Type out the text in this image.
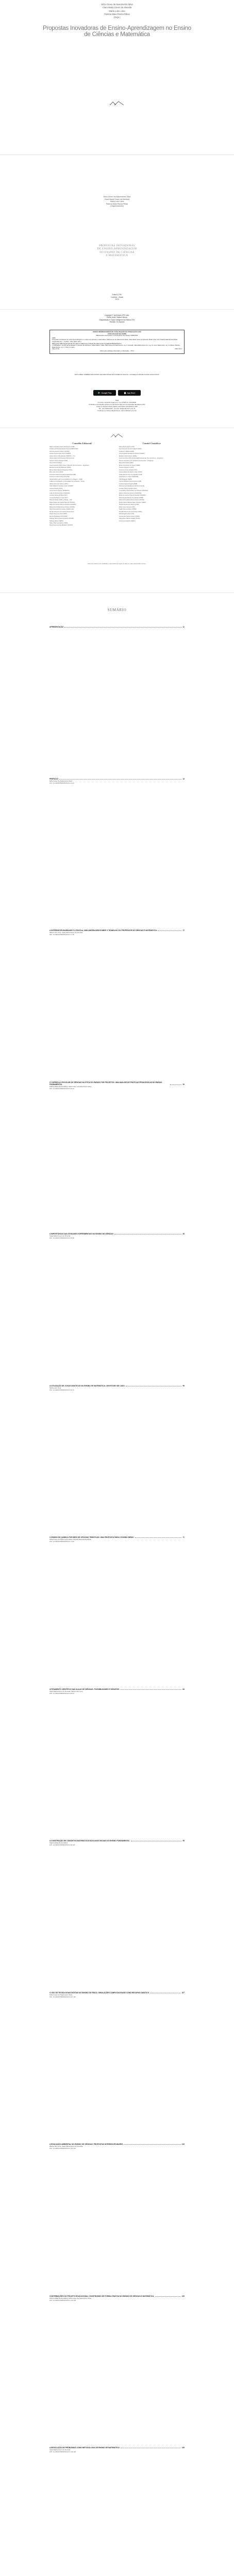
Nilza Green de Nascimento Silva
Clara Maria Green de Almeida
Marla Lobo Lima
Patricia Maia Rocha Ribas
(Orgs.)
Propostas Inovadoras de Ensino-Aprendizagem no Ensino de Ciências e Matemática
Nilza Green de Nascimento Silva
Clara Maria Green de Almeida
Marla Lobo Lima
Patricia Maia Rocha Ribas
(Organizadores)
PROPOSTAS INOVADORAS
DE ENSINO-APRENDIZAGEM
NO ENSINO DE CIÊNCIAS
E MATEMÁTICA
Editora CRV
Curitiba – Brasil
2024
Copyright © da Editora CRV Ltda.
Editor-chefe: Railson Moura
Diagramação e Capa: Designers da Editora CRV
Revisão: Os Autores
DADOS INTERNACIONAIS DE CATALOGAÇÃO NA PUBLICAÇÃO (CIP)
CATALOGAÇÃO NA FONTE
Bibliotecária responsável: Luzenira Alves dos Santos CRB9/1506
P965
Propostas inovadoras de ensino-aprendizagem no ensino de ciências e matemática / Nilza Green de Nascimento Silva, Clara Maria Green de Almeida, Marla Lobo Lima, Patricia Maia Rocha Ribas (organizadores) – Curitiba : CRV, 2024. 216 p.
Bibliografia ISBN Digital 978-65-251-6512-4 ISBN Físico 978-65-251-6510-0 DOI 10.24824/978652516510.0
1. Educação 2. Ensino-aprendizagem 3. Ensino de ciências 4. Matemática I. Silva, Nilza Green de Nascimento. org. II. Almeida, Clara Maria Green de. org. III. Lima, Marla Lobo. org. IV. Ribas, Patricia Maia Rocha. org. V. Título VI. Série.
CDU 37.02	CDD 370.1
Índice para catálogo sistemático 1. Educação – 370.1
ESTA OBRA TAMBÉM ENCONTRA-SE DISPONÍVEL EM FORMATO DIGITAL. CONHEÇA E BAIXE NOSSO APLICATIVO!
Google Play	App Store
2024
Foi feito o depósito legal conf. Lei 10.994 de 14/12/2004
Proibida a reprodução parcial ou total desta obra sem autorização da Editora CRV
Todos os direitos desta edição reservados pela Editora CRV
Tel.: (41) 3039-6418 – E-mail: sac@editoracrv.com.br
Conheça os nossos lançamentos: www.editoracrv.com.br
Conselho Editorial:

Aldira Guimarães Duarte Domínguez (UNB)

Andréia da Silva Quintanilha Sousa (UNIR/UFRN)

Anselmo Alencar Colares (UFOPA)

Antônio Pereira Gaio Júnior (UFRRJ)

Carlos Alberto Vilar Estêvão (UMINHO – PT)

Carlos Federico Dominguez Avila (Unieuro)

Carmen Tereza Velanga (UNIR)

Celso Conti (UFSCar)

Cesar Gerónimo Tello (Univer. Nacional Três de Febrero – Argentina)

Eduardo Fernandes Barbosa (UFMG)

Elione Maria Nogueira Diogenes (UFAL)

Élsio José Corá (UFFS)

Fernando Antônio Gonçalves Alcoforado (IPB)

Francisco Carlos Duarte (PUC-PR)

Gloria Fariñas León (Universidade de La Havana – Cuba)

Guillermo Arias Beatón (Universidade de La Havana – Cuba)

Jailson Alves dos Santos (UFRJ)

João Adalberto Campato Junior (UNESP)

Josania Portela (UFPI)

Leonel Severo Rocha (UNISINOS)

Lídia de Oliveira Xavier (UNIEURO)

Lourdes Helena da Silva (UFV)

Luciano Rodrigues Costa (UFV)

Marcelo Paixão (UFRJ e UTexas – US)

Maria Cristina dos Santos Bezerra (UFSCar)

Maria de Lourdes Pinto de Almeida (UNOESC)

Maria Lília Imbiriba Sousa Colares (UFOPA)

Paulo Romualdo Hernandes (UNIFAL-MG)

Renato Francisco dos Santos Paula (UFG)

Sérgio Nunes de Jesus (IFRO)

Simone Rodrigues Pinto (UNB)

Solange Helena Ximenes-Rocha (UFOPA)

Sydione Santos (UEPG)

Tadeu Oliver Gonçalves (UFPA)

Tania Suely Azevedo Brasileiro (UFOPA)

Comitê Científico:

Altair Alberto Fávero (UPF)

Ana Chrystina Venancio Mignot (UERJ)

Andréia N. Militão (UEMS)

Anna Augusta Sampaio de Oliveira (UNESP)

Barbara Coelho Neves (UFBA)

Cesar Gerónimo Tello (Universidad Nacional de Três de Febrero – Argentina)

Diosnel Centurion (Univ Autónoma de Asunción – Paraguai)

Eliane Rose Maio (UEM)

Elizeu Clementino de Souza (UNEB)

Fauston Negreiros (UFPI)

Francisco Ari de Andrade (UFC)

Gláucia Maria dos Santos Jorge (UFOP)

Helder Buenos Aires de Carvalho (UFPI)

Ilma Passos A. Veiga (UNICEUB)

Inês Bragança (UERJ)

José de Ribamar Sousa Pereira (UCB)

Jussara Fraga Portugal (UNEB)

Kilwangy Kya Kapitango-a-Samba (Unemat)

Lourdes Helena da Silva (UFV)

Lucia Marisy Souza Ribeiro de Oliveira (UNIVASF)

Marcos Vinicius Francisco (UNOESTE)

Maria de Lourdes Pinto de Almeida (UNOESC)

Maria Eurácia Barreto de Andrade (UFRB)

Maria Lília Imbiriba Sousa Colares (UFOPA)

Míriam Paura Sabrosa Zippin Grinspun (UERJ)

Mônica Pereira dos Santos (UFRJ)

Mirian Jonis Carneiro (UFF)

Nadja Vieira Andrade (UNIPÊ)

Ronaldo Marcos de Lima Araujo (UFPA)

Silvia Regina Canan (URI)

Suzana dos Santos Gomes (UFMG)

Vânia Alves Martins Chaigar (FURG)

Vera Lucia Gaspar (UDESC)

Este livro passou por avaliação e aprovação às cegas de dois ou mais pareceristas ad hoc.
SUMÁRIO
APRESENTAÇÃO	11
PREFÁCIO	13
Nilza Green de Nascimento Silva
DOI: 10.24824/978652516510.0.13-16
A INTERDISCIPLINARIDADE E A ESCOLA, UMA ABORDAGEM SOBRE O TRABALHO DO PROFESSOR DE CIÊNCIAS E MATEMÁTICA	17
Marla Lobo Lima; Clara Maria Green de Almeida
DOI: 10.24824/978652516510.0.17-28
O CURRÍCULO ESCOLAR DE CIÊNCIAS NA ÓTICA DO ENSINO POR PROJETOS: UMA ANÁLISE DE PRÁTICAS PEDAGÓGICAS NO ENSINO FUNDAMENTAL	29
Patricia Maia Rocha Ribas; Nilza Green de Nascimento Silva
DOI: 10.24824/978652516510.0.29-44
A IMPORTÂNCIA DAS ATIVIDADES EXPERIMENTAIS NO ENSINO DE CIÊNCIAS	45
Clara Maria Green de Almeida
DOI: 10.24824/978652516510.0.45-58
A UTILIZAÇÃO DE JOGOS DIDÁTICOS NO ENSINO DE MATEMÁTICA: UM ESTUDO DE CASO	59
Marla Lobo Lima
DOI: 10.24824/978652516510.0.59-70
O ENSINO DE QUÍMICA POR MEIO DE OFICINAS TEMÁTICAS: UMA PROPOSTA PARA O ENSINO MÉDIO	71
Nilza Green de Nascimento Silva; Patricia Maia Rocha Ribas
DOI: 10.24824/978652516510.0.71-82
LETRAMENTO CIENTÍFICO NAS AULAS DE CIÊNCIAS: POSSIBILIDADES E DESAFIOS	83
Clara Maria Green de Almeida; Marla Lobo Lima
DOI: 10.24824/978652516510.0.83-94
A CONSTRUÇÃO DE CONCEITOS MATEMÁTICOS NOS ANOS INICIAIS DO ENSINO FUNDAMENTAL	95
Patricia Maia Rocha Ribas
DOI: 10.24824/978652516510.0.95-106
O USO DE TECNOLOGIAS DIGITAIS NO ENSINO DE FÍSICA: SIMULAÇÕES COMPUTACIONAIS COMO RECURSO DIDÁTICO	107
Nilza Green de Nascimento Silva
DOI: 10.24824/978652516510.0.107-118
A EDUCAÇÃO AMBIENTAL NO ENSINO DE CIÊNCIAS: PROPOSTAS INTERDISCIPLINARES	119
Marla Lobo Lima; Clara Maria Green de Almeida
DOI: 10.24824/978652516510.0.119-128
CONTRIBUIÇÕES DO PROJETO EDUCACIONAL CONSTRUINDO DE FORMA CRIATIVA NO ENSINO DE CIÊNCIAS E MATEMÁTICA	129
Patricia Maia Rocha Ribas; Nilza Green de Nascimento Silva
DOI: 10.24824/978652516510.0.129-138
A RESOLUÇÃO DE PROBLEMAS COMO METODOLOGIA DE ENSINO DE MATEMÁTICA	139
Clara Maria Green de Almeida
DOI: 10.24824/978652516510.0.139-148
